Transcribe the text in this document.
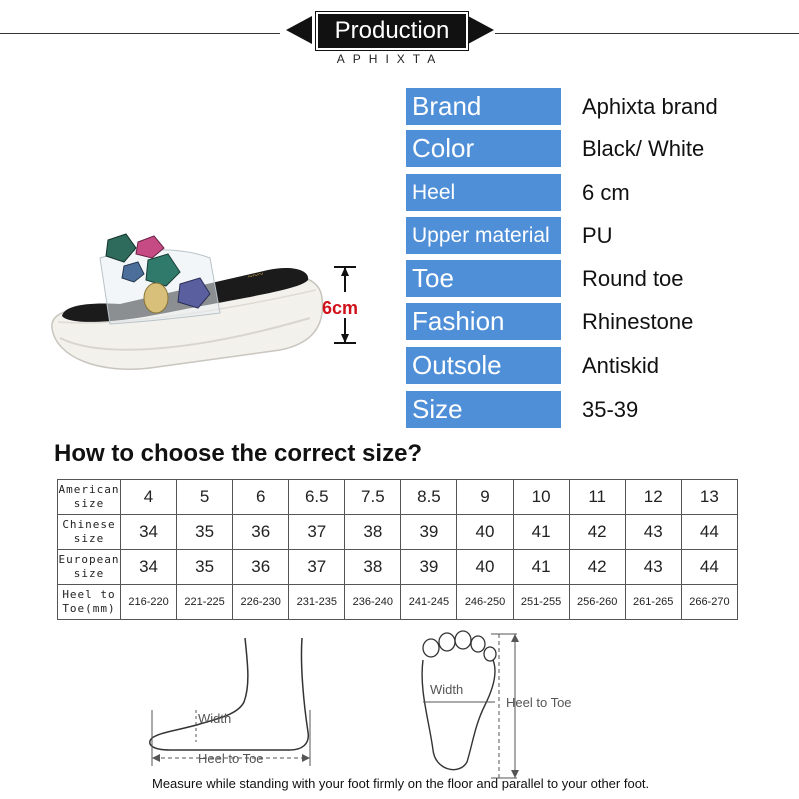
Production
APHIXTA
Brand	Aphixta brand
Color	Black/ White
Heel	6 cm
Upper material	PU
Toe	Round toe
Fashion	Rhinestone
Outsole	Antiskid
Size	35-39
~~~
6cm
How to choose the correct size?
American
size	4	5	6	6.5	7.5	8.5	9	10	11	12	13
Chinese
size	34	35	36	37	38	39	40	41	42	43	44
European
size	34	35	36	37	38	39	40	41	42	43	44
Heel to
Toe(mm)	216-220	221-225	226-230	231-235	236-240	241-245	246-250	251-255	256-260	261-265	266-270
Width
Heel to Toe
Width
Heel to Toe
Measure while standing with your foot firmly on the floor and parallel to your other foot.
